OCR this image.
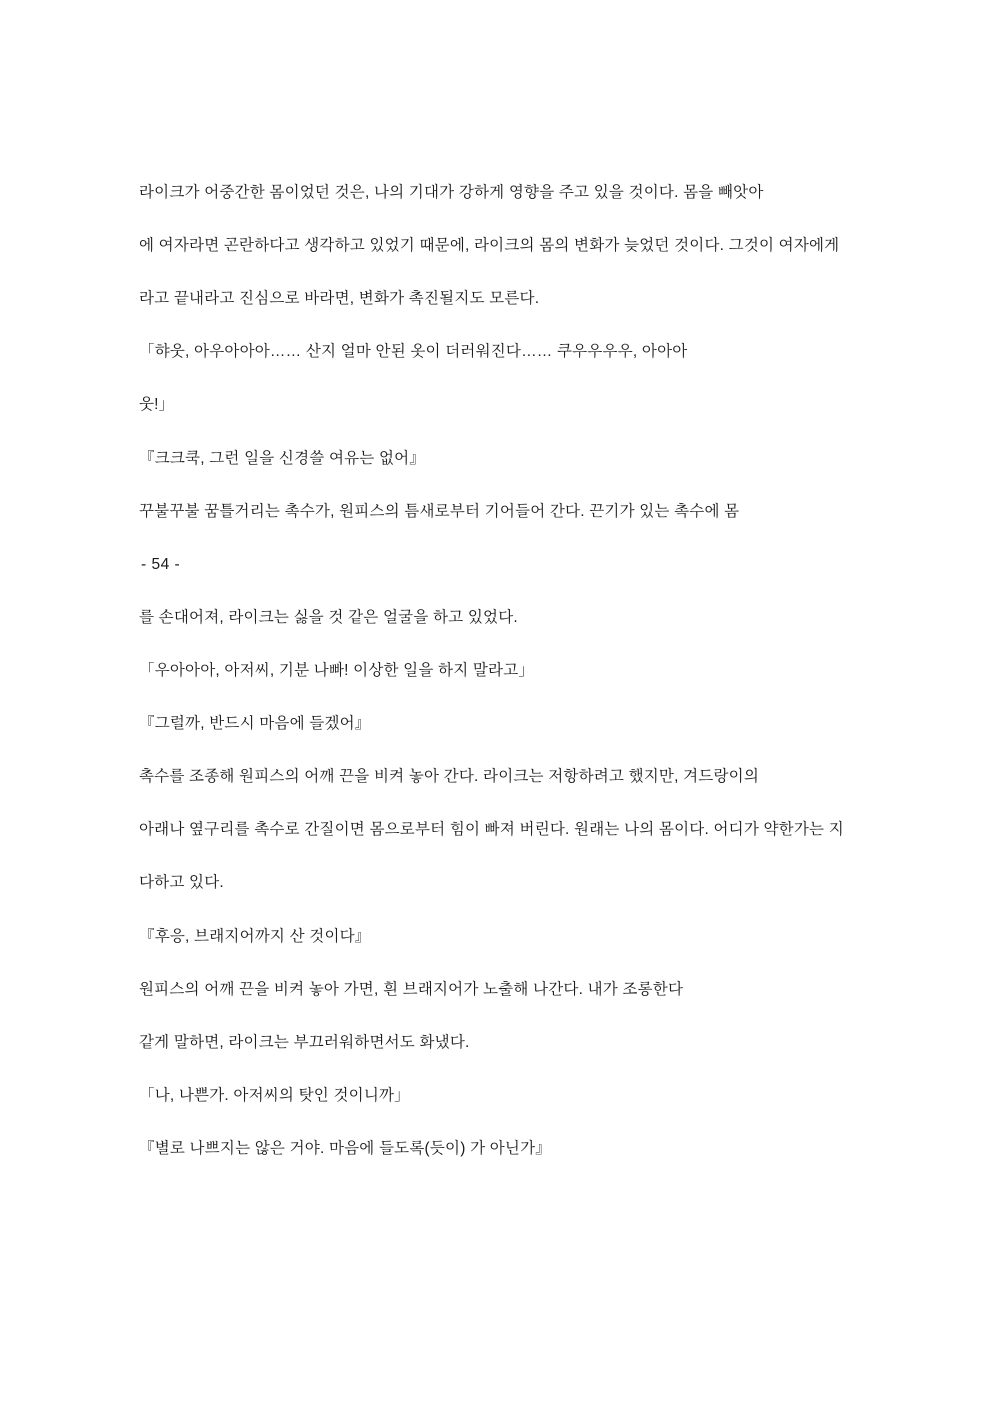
라이크가 어중간한 몸이었던 것은, 나의 기대가 강하게 영향을 주고 있을 것이다. 몸을 빼앗아

에 여자라면 곤란하다고 생각하고 있었기 때문에, 라이크의 몸의 변화가 늦었던 것이다. 그것이 여자에게

라고 끝내라고 진심으로 바라면, 변화가 촉진될지도 모른다.

「햐웃, 아우아아아…… 산지 얼마 안된 옷이 더러워진다…… 쿠우우우우, 아아아

웃!」

『크크쿡, 그런 일을 신경쓸 여유는 없어』

꾸불꾸불 꿈틀거리는 촉수가, 원피스의 틈새로부터 기어들어 간다. 끈기가 있는 촉수에 몸

- 54 -

를 손대어져, 라이크는 싫을 것 같은 얼굴을 하고 있었다.

「우아아아, 아저씨, 기분 나빠! 이상한 일을 하지 말라고」

『그럴까, 반드시 마음에 들겠어』

촉수를 조종해 원피스의 어깨 끈을 비켜 놓아 간다. 라이크는 저항하려고 했지만, 겨드랑이의

아래나 옆구리를 촉수로 간질이면 몸으로부터 힘이 빠져 버린다. 원래는 나의 몸이다. 어디가 약한가는 지

다하고 있다.

『후응, 브래지어까지 산 것이다』

원피스의 어깨 끈을 비켜 놓아 가면, 흰 브래지어가 노출해 나간다. 내가 조롱한다

같게 말하면, 라이크는 부끄러워하면서도 화냈다.

「나, 나쁜가. 아저씨의 탓인 것이니까」

『별로 나쁘지는 않은 거야. 마음에 들도록(듯이) 가 아닌가』
